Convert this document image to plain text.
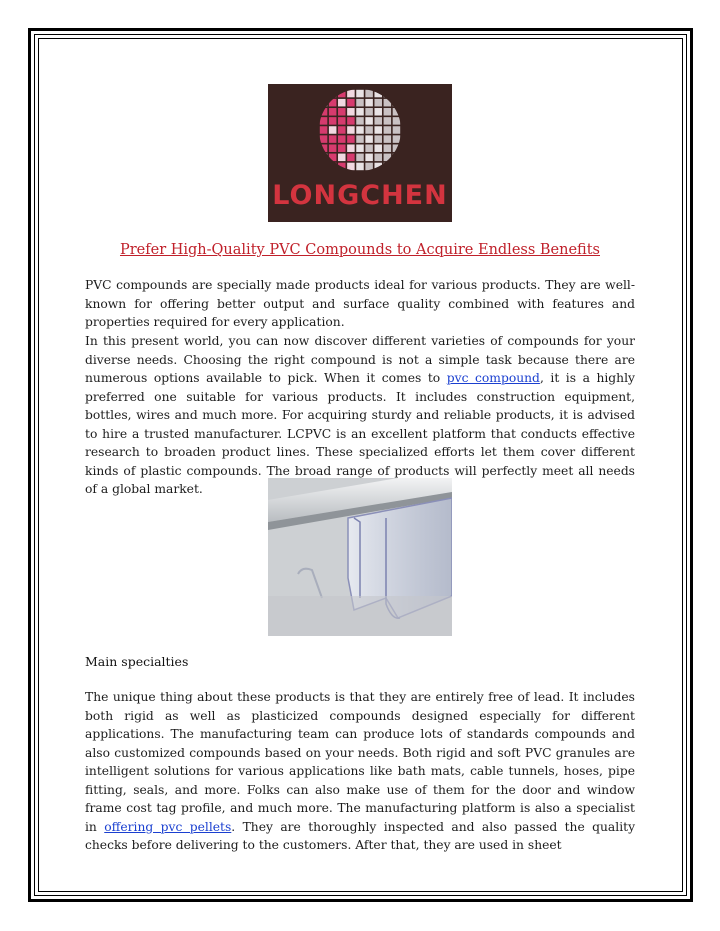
LONGCHEN
Prefer High-Quality PVC Compounds to Acquire Endless Benefits

PVC compounds are specially made products ideal for various products. They are well-known for offering better output and surface quality combined with features and properties required for every application.

In this present world, you can now discover different varieties of compounds for your diverse needs. Choosing the right compound is not a simple task because there are numerous options available to pick. When it comes to pvc compound, it is a highly preferred one suitable for various products. It includes construction equipment, bottles, wires and much more. For acquiring sturdy and reliable products, it is advised to hire a trusted manufacturer. LCPVC is an excellent platform that conducts effective research to broaden product lines. These specialized efforts let them cover different kinds of plastic compounds. The broad range of products will perfectly meet all needs of a global market.

Main specialties

The unique thing about these products is that they are entirely free of lead. It includes both rigid as well as plasticized compounds designed especially for different applications. The manufacturing team can produce lots of standards compounds and also customized compounds based on your needs. Both rigid and soft PVC granules are intelligent solutions for various applications like bath mats, cable tunnels, hoses, pipe fitting, seals, and more. Folks can also make use of them for the door and window frame cost tag profile, and much more. The manufacturing platform is also a specialist in offering pvc pellets. They are thoroughly inspected and also passed the quality checks before delivering to the customers. After that, they are used in sheet
